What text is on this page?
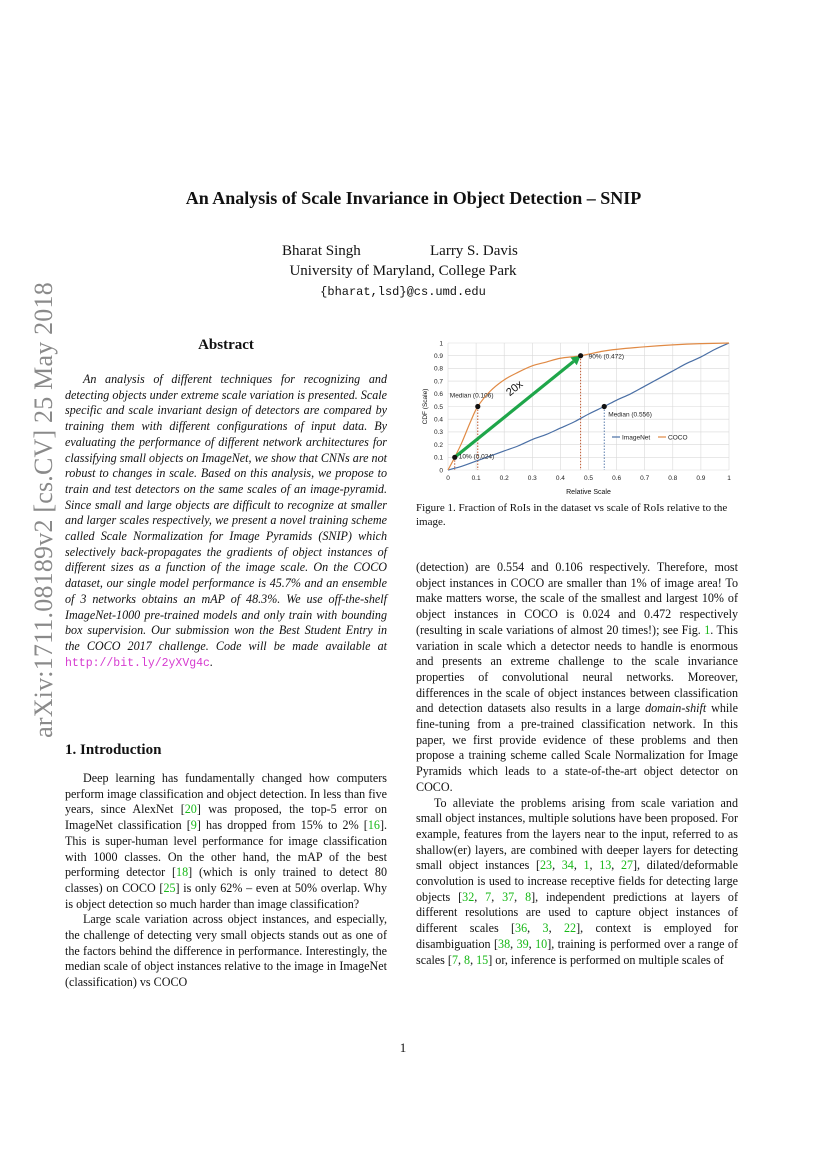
arXiv:1711.08189v2 [cs.CV] 25 May 2018
An Analysis of Scale Invariance in Object Detection – SNIP
Bharat Singh	Larry S. Davis
University of Maryland, College Park
{bharat,lsd}@cs.umd.edu
Abstract

An analysis of different techniques for recognizing and detecting objects under extreme scale variation is presented. Scale specific and scale invariant design of detectors are compared by training them with different configurations of input data. By evaluating the performance of different network architectures for classifying small objects on ImageNet, we show that CNNs are not robust to changes in scale. Based on this analysis, we propose to train and test detectors on the same scales of an image-pyramid. Since small and large objects are difficult to recognize at smaller and larger scales respectively, we present a novel training scheme called Scale Normalization for Image Pyramids (SNIP) which selectively back-propagates the gradients of object instances of different sizes as a function of the image scale. On the COCO dataset, our single model performance is 45.7% and an ensemble of 3 networks obtains an mAP of 48.3%. We use off-the-shelf ImageNet-1000 pre-trained models and only train with bounding box supervision. Our submission won the Best Student Entry in the COCO 2017 challenge. Code will be made available at http://bit.ly/2yXVg4c.

1. Introduction

Deep learning has fundamentally changed how computers perform image classification and object detection. In less than five years, since AlexNet [20] was proposed, the top-5 error on ImageNet classification [9] has dropped from 15% to 2% [16]. This is super-human level performance for image classification with 1000 classes. On the other hand, the mAP of the best performing detector [18] (which is only trained to detect 80 classes) on COCO [25] is only 62% – even at 50% overlap. Why is object detection so much harder than image classification?

Large scale variation across object instances, and especially, the challenge of detecting very small objects stands out as one of the factors behind the difference in performance. Interestingly, the median scale of object instances relative to the image in ImageNet (classification) vs COCO

0	0.1	0.2	0.3	0.4	0.5	0.6	0.7	0.8	0.9	1
0
0.1
0.2
0.3
0.4
0.5
0.6
0.7
0.8
0.9
1
CDF (Scale)
Relative Scale
20x
10% (0.024)
Median (0.106)
90% (0.472)
Median (0.556)
ImageNet	COCO

Figure 1. Fraction of RoIs in the dataset vs scale of RoIs relative to the image.

(detection) are 0.554 and 0.106 respectively. Therefore, most object instances in COCO are smaller than 1% of image area! To make matters worse, the scale of the smallest and largest 10% of object instances in COCO is 0.024 and 0.472 respectively (resulting in scale variations of almost 20 times!); see Fig. 1. This variation in scale which a detector needs to handle is enormous and presents an extreme challenge to the scale invariance properties of convolutional neural networks. Moreover, differences in the scale of object instances between classification and detection datasets also results in a large domain-shift while fine-tuning from a pre-trained classification network. In this paper, we first provide evidence of these problems and then propose a training scheme called Scale Normalization for Image Pyramids which leads to a state-of-the-art object detector on COCO.

To alleviate the problems arising from scale variation and small object instances, multiple solutions have been proposed. For example, features from the layers near to the input, referred to as shallow(er) layers, are combined with deeper layers for detecting small object instances [23, 34, 1, 13, 27], dilated/deformable convolution is used to increase receptive fields for detecting large objects [32, 7, 37, 8], independent predictions at layers of different resolutions are used to capture object instances of different scales [36, 3, 22], context is employed for disambiguation [38, 39, 10], training is performed over a range of scales [7, 8, 15] or, inference is performed on multiple scales of

1
